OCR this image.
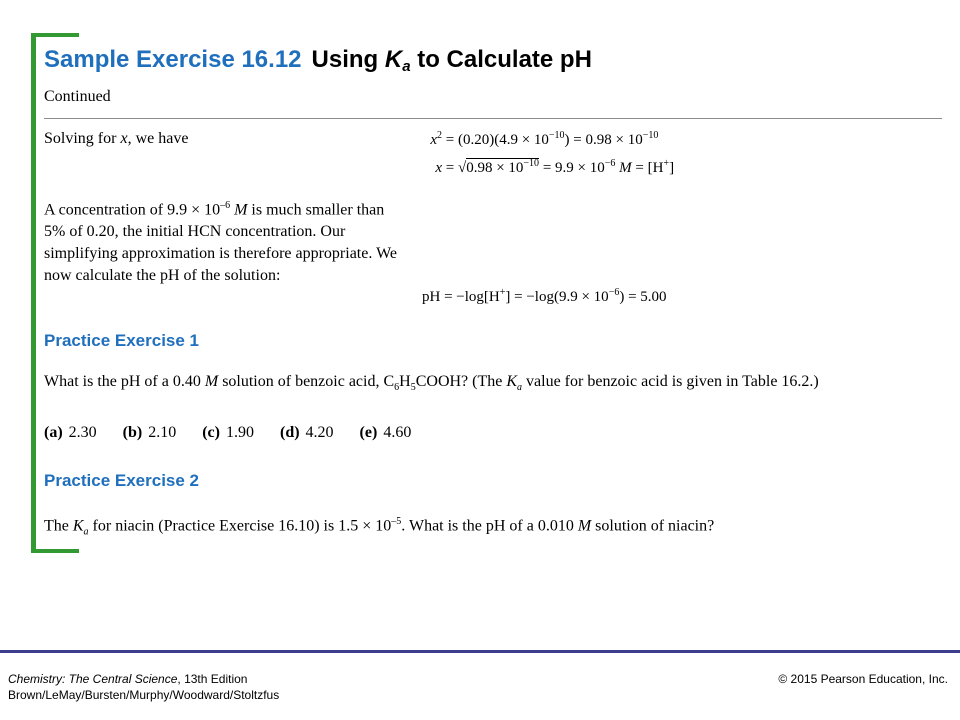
Sample Exercise 16.12 Using $K_a$ to Calculate pH
Continued
Solving for x, we have	$x^2 = (0.20)(4.9 \times 10^{-10}) = 0.98 \times 10^{-10}$
$x = √0.98 \times 10^{-10} = 9.9 \times 10^{-6}$ M = [H+]
A concentration of $9.9 \times 10^{-6}$ M is much smaller than 5% of 0.20, the initial HCN concentration. Our simplifying approximation is therefore appropriate. We now calculate the pH of the solution:
pH = $-\log[H^+] = -\log(9.9 \times 10^{-6}) = 5.00$
Practice Exercise 1
What is the pH of a 0.40 M solution of benzoic acid, $C_6H_5COOH$? (The $K_a$ value for benzoic acid is given in Table 16.2.)
(a) 2.30 (b) 2.10 (c) 1.90 (d) 4.20 (e) 4.60
Practice Exercise 2
The $K_a$ for niacin (Practice Exercise 16.10) is $1.5 \times 10^{-5}$. What is the pH of a 0.010 M solution of niacin?
Chemistry: The Central Science, 13th Edition
Brown/LeMay/Bursten/Murphy/Woodward/Stoltzfus
© 2015 Pearson Education, Inc.
